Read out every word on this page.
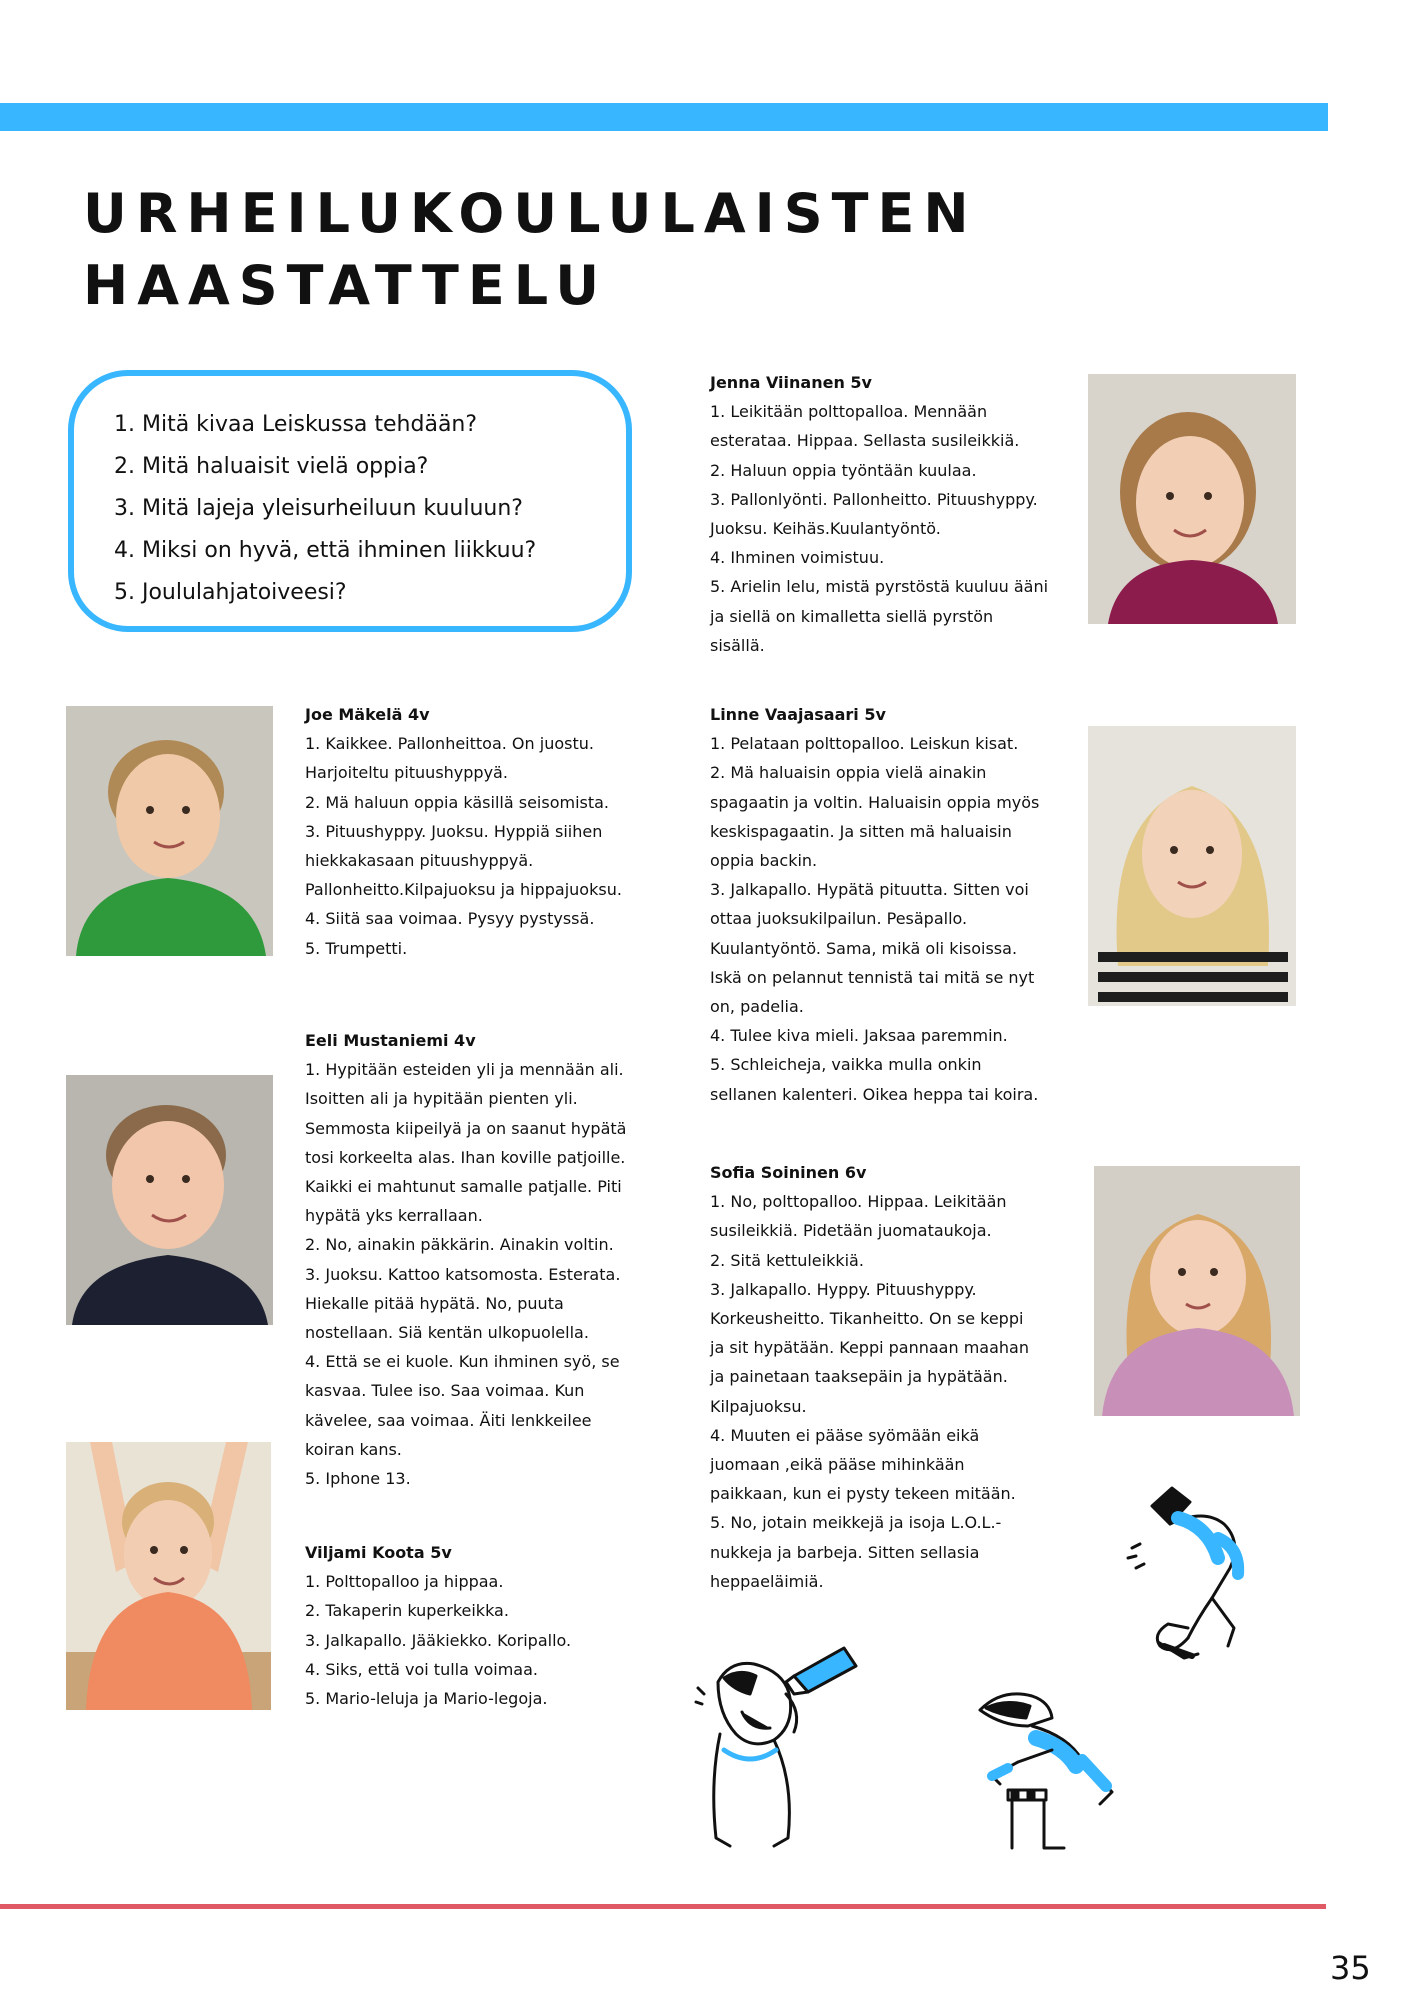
URHEILUKOULULAISTEN
HAASTATTELU
1. Mitä kivaa Leiskussa tehdään?
2. Mitä haluaisit vielä oppia?
3. Mitä lajeja yleisurheiluun kuuluun?
4. Miksi on hyvä, että ihminen liikkuu?
5. Joululahjatoiveesi?
Jenna Viinanen 5v
1. Leikitään polttopalloa. Mennään
esteratаa. Hippaa. Sellasta susileikkiä.
2. Haluun oppia työntään kuulaa.
3. Pallonlyönti. Pallonheitto. Pituushyppy.
Juoksu. Keihäs.Kuulantyöntö.
4. Ihminen voimistuu.
5. Arielin lelu, mistä pyrstöstä kuuluu ääni
ja siellä on kimalletta siellä pyrstön
sisällä.
Joe Mäkelä 4v
1. Kaikkee. Pallonheittoa. On juostu.
Harjoiteltu pituushyppyä.
2. Mä haluun oppia käsillä seisomista.
3. Pituushyppy. Juoksu. Hyppiä siihen
hiekkakasaan pituushyppyä.
Pallonheitto.Kilpajuoksu ja hippajuoksu.
4. Siitä saa voimaa. Pysyy pystyssä.
5. Trumpetti.
Linne Vaajasaari 5v
1. Pelataan polttopalloo. Leiskun kisat.
2. Mä haluaisin oppia vielä ainakin
spagaatin ja voltin. Haluaisin oppia myös
keskispagaatin. Ja sitten mä haluaisin
oppia backin.
3. Jalkapallo. Hypätä pituutta. Sitten voi
ottaa juoksukilpailun. Pesäpallo.
Kuulantyöntö. Sama, mikä oli kisoissa.
Iskä on pelannut tennistä tai mitä se nyt
on, padelia.
4. Tulee kiva mieli. Jaksaa paremmin.
5. Schleicheja, vaikka mulla onkin
sellanen kalenteri. Oikea heppa tai koira.
Eeli Mustaniemi 4v
1. Hypitään esteiden yli ja mennään ali.
Isoitten ali ja hypitään pienten yli.
Semmosta kiipeilyä ja on saanut hypätä
tosi korkeelta alas. Ihan koville patjoille.
Kaikki ei mahtunut samalle patjalle. Piti
hypätä yks kerrallaan.
2. No, ainakin päkkärin. Ainakin voltin.
3. Juoksu. Kattoo katsomosta. Esterata.
Hiekalle pitää hypätä. No, puuta
nostellaan. Siä kentän ulkopuolella.
4. Että se ei kuole. Kun ihminen syö, se
kasvaa. Tulee iso. Saa voimaa. Kun
kävelee, saa voimaa. Äiti lenkkeilee
koiran kans.
5. Iphone 13.
Sofia Soininen 6v
1. No, polttopalloo. Hippaa. Leikitään
susileikkiä. Pidetään juomataukoja.
2. Sitä kettuleikkiä.
3. Jalkapallo. Hyppy. Pituushyppy.
Korkeusheitto. Tikanheitto. On se keppi
ja sit hypätään. Keppi pannaan maahan
ja painetaan taaksepäin ja hypätään.
Kilpajuoksu.
4. Muuten ei pääse syömään eikä
juomaan ,eikä pääse mihinkään
paikkaan, kun ei pysty tekeen mitään.
5. No, jotain meikkejä ja isoja L.O.L.-
nukkeja ja barbeja. Sitten sellasia
heppaeläimiä.
Viljami Koota 5v
1. Polttopalloo ja hippaa.
2. Takaperin kuperkeikka.
3. Jalkapallo. Jääkiekko. Koripallo.
4. Siks, että voi tulla voimaa.
5. Mario-leluja ja Mario-legoja.
35
